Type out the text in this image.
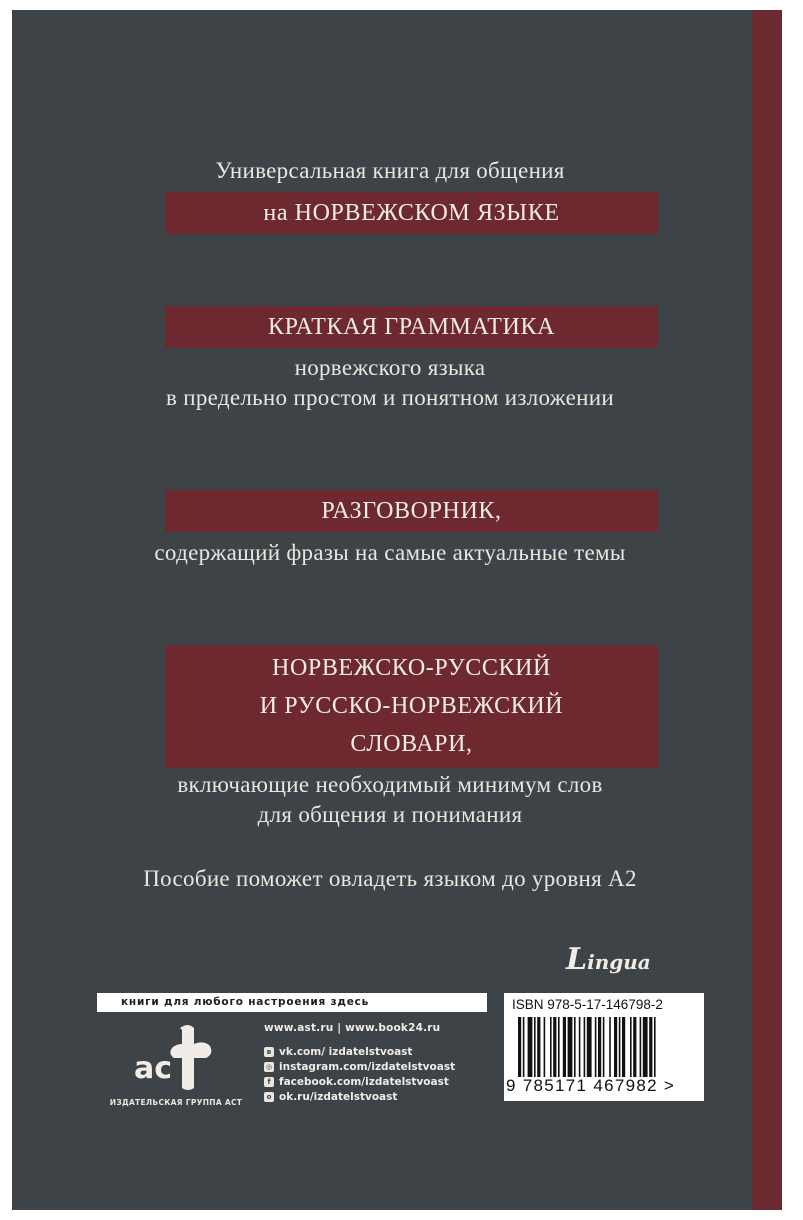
Универсальная книга для общения
на НОРВЕЖСКОМ ЯЗЫКЕ
КРАТКАЯ ГРАММАТИКА
норвежского языка
в предельно простом и понятном изложении
РАЗГОВОРНИК,
содержащий фразы на самые актуальные темы
НОРВЕЖСКО-РУССКИЙ
И РУССКО-НОРВЕЖСКИЙ
СЛОВАРИ,
включающие необходимый минимум слов
для общения и понимания
Пособие поможет овладеть языком до уровня A2
Lingua
книги для любого настроения здесь
ac
ИЗДАТЕЛЬСКАЯ ГРУППА АСТ
www.ast.ru | www.book24.ru
в vk.com/ izdatelstvoast
◎ instagram.com/izdatelstvoast
f facebook.com/izdatelstvoast
о ok.ru/izdatelstvoast
ISBN 978-5-17-146798-2
9 785171 467982 >
